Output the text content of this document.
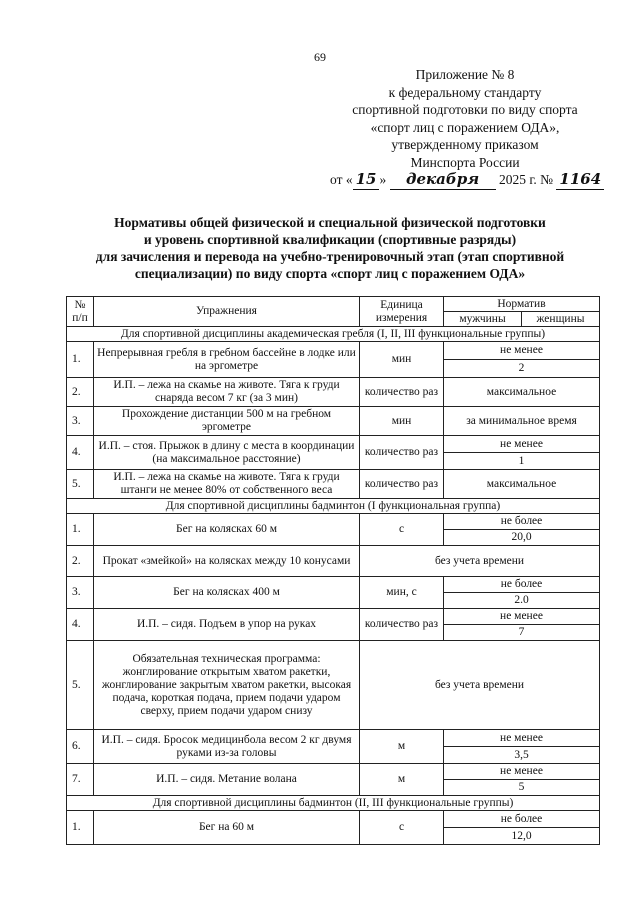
69
Приложение № 8
к федеральному стандарту
спортивной подготовки по виду спорта
«спорт лиц с поражением ОДА»,
утвержденному приказом
Минспорта России
от « 15 » декабря 2025 г. № 1164
Нормативы общей физической и специальной физической подготовки
и уровень спортивной квалификации (спортивные разряды)
для зачисления и перевода на учебно-тренировочный этап (этап спортивной
специализации) по виду спорта «спорт лиц с поражением ОДА»
№ п/п	Упражнения	Единица измерения	Норматив	
			мужчины	женщины
Для спортивной дисциплины академическая гребля (I, II, III функциональные группы)				
1.	Непрерывная гребля в гребном бассейне в лодке или на эргометре	мин	не менее	
			2	
2.	И.П. – лежа на скамье на животе. Тяга к груди снаряда весом 7 кг (за 3 мин)	количество раз	максимальное	
3.	Прохождение дистанции 500 м на гребном эргометре	мин	за минимальное время	
4.	И.П. – стоя. Прыжок в длину с места в координации (на максимальное расстояние)	количество раз	не менее	
			1	
5.	И.П. – лежа на скамье на животе. Тяга к груди штанги не менее 80% от собственного веса	количество раз	максимальное	
Для спортивной дисциплины бадминтон (I функциональная группа)				
1.	Бег на колясках 60 м	с	не более	
			20,0	
2.	Прокат «змейкой» на колясках между 10 конусами	без учета времени		
3.	Бег на колясках 400 м	мин, с	не более	
			2.0	
4.	И.П. – сидя. Подъем в упор на руках	количество раз	не менее	
			7	
5.	Обязательная техническая программа: жонглирование открытым хватом ракетки, жонглирование закрытым хватом ракетки, высокая подача, короткая подача, прием подачи ударом сверху, прием подачи ударом снизу	без учета времени		
6.	И.П. – сидя. Бросок медицинбола весом 2 кг двумя руками из-за головы	м	не менее	
			3,5	
7.	И.П. – сидя. Метание волана	м	не менее	
			5	
Для спортивной дисциплины бадминтон (II, III функциональные группы)				
1.	Бег на 60 м	с	не более	
			12,0	
